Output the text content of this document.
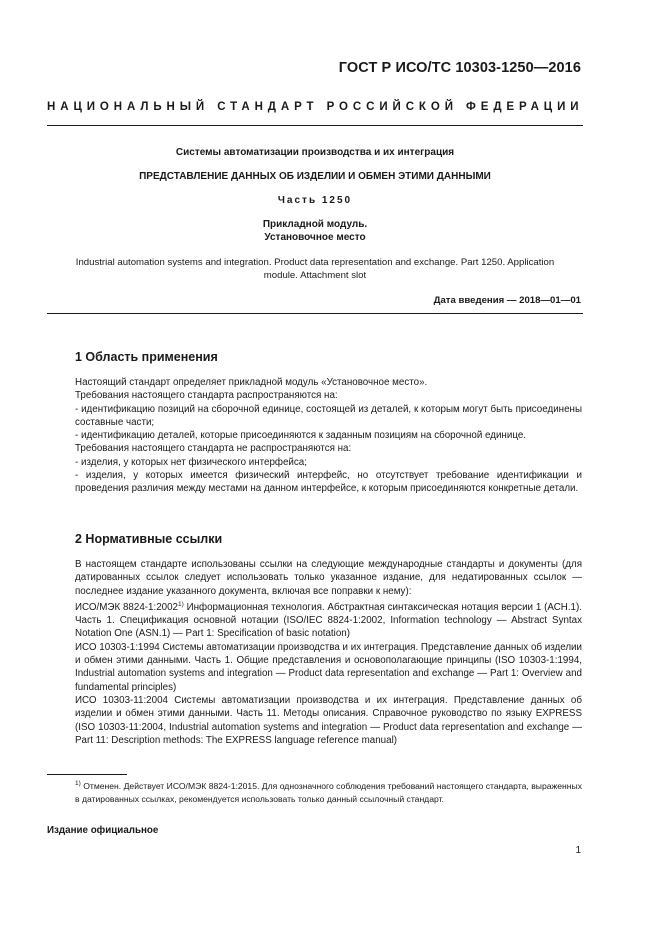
ГОСТ Р ИСО/ТС 10303-1250—2016
НАЦИОНАЛЬНЫЙ СТАНДАРТ РОССИЙСКОЙ ФЕДЕРАЦИИ
Системы автоматизации производства и их интеграция
ПРЕДСТАВЛЕНИЕ ДАННЫХ ОБ ИЗДЕЛИИ И ОБМЕН ЭТИМИ ДАННЫМИ
Часть 1250
Прикладной модуль.
Установочное место
Industrial automation systems and integration. Product data representation and exchange. Part 1250. Application module. Attachment slot
Дата введения — 2018—01—01
1 Область применения

Настоящий стандарт определяет прикладной модуль «Установочное место».

Требования настоящего стандарта распространяются на:

- идентификацию позиций на сборочной единице, состоящей из деталей, к которым могут быть присоединены составные части;

- идентификацию деталей, которые присоединяются к заданным позициям на сборочной единице.

Требования настоящего стандарта не распространяются на:

- изделия, у которых нет физического интерфейса;

- изделия, у которых имеется физический интерфейс, но отсутствует требование идентификации и проведения различия между местами на данном интерфейсе, к которым присоединяются конкретные детали.

2 Нормативные ссылки

В настоящем стандарте использованы ссылки на следующие международные стандарты и документы (для датированных ссылок следует использовать только указанное издание, для недатированных ссылок — последнее издание указанного документа, включая все поправки к нему):

ИСО/МЭК 8824-1:2002$^{1)}$ Информационная технология. Абстрактная синтаксическая нотация версии 1 (АСН.1). Часть 1. Спецификация основной нотации (ISO/IEC 8824-1:2002, Information technology — Abstract Syntax Notation One (ASN.1) — Part 1: Specification of basic notation)

ИСО 10303-1:1994 Системы автоматизации производства и их интеграция. Представление данных об изделии и обмен этими данными. Часть 1. Общие представления и основополагающие принципы (ISO 10303-1:1994, Industrial automation systems and integration — Product data representation and exchange — Part 1: Overview and fundamental principles)

ИСО 10303-11:2004 Системы автоматизации производства и их интеграция. Представление данных об изделии и обмен этими данными. Часть 11. Методы описания. Справочное руководство по языку EXPRESS (ISO 10303-11:2004, Industrial automation systems and integration — Product data representation and exchange — Part 11: Description methods: The EXPRESS language reference manual)

$^{1)}$ Отменен. Действует ИСО/МЭК 8824-1:2015. Для однозначного соблюдения требований настоящего стандарта, выраженных в датированных ссылках, рекомендуется использовать только данный ссылочный стандарт.
Издание официальное
1
